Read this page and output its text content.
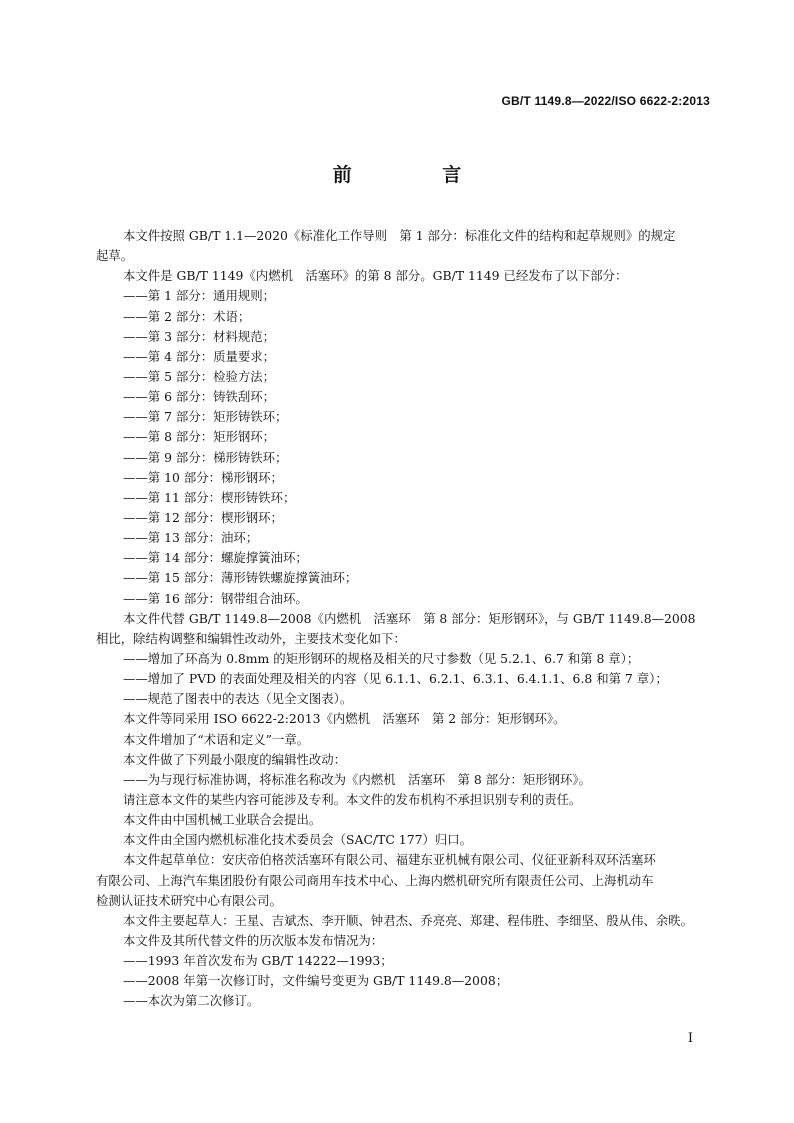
GB/T 1149.8—2022/ISO 6622-2:2013
前 言
本文件按照 GB/T 1.1—2020《标准化工作导则　第 1 部分：标准化文件的结构和起草规则》的规定
起草。
本文件是 GB/T 1149《内燃机　活塞环》的第 8 部分。GB/T 1149 已经发布了以下部分：
——第 1 部分：通用规则；
——第 2 部分：术语；
——第 3 部分：材料规范；
——第 4 部分：质量要求；
——第 5 部分：检验方法；
——第 6 部分：铸铁刮环；
——第 7 部分：矩形铸铁环；
——第 8 部分：矩形钢环；
——第 9 部分：梯形铸铁环；
——第 10 部分：梯形钢环；
——第 11 部分：楔形铸铁环；
——第 12 部分：楔形钢环；
——第 13 部分：油环；
——第 14 部分：螺旋撑簧油环；
——第 15 部分：薄形铸铁螺旋撑簧油环；
——第 16 部分：钢带组合油环。
本文件代替 GB/T 1149.8—2008《内燃机　活塞环　第 8 部分：矩形钢环》，与 GB/T 1149.8—2008
相比，除结构调整和编辑性改动外，主要技术变化如下：
——增加了环高为 0.8mm 的矩形钢环的规格及相关的尺寸参数（见 5.2.1、6.7 和第 8 章）；
——增加了 PVD 的表面处理及相关的内容（见 6.1.1、6.2.1、6.3.1、6.4.1.1、6.8 和第 7 章）；
——规范了图表中的表达（见全文图表）。
本文件等同采用 ISO 6622-2:2013《内燃机　活塞环　第 2 部分：矩形钢环》。
本文件增加了“术语和定义”一章。
本文件做了下列最小限度的编辑性改动：
——为与现行标准协调，将标准名称改为《内燃机　活塞环　第 8 部分：矩形钢环》。
请注意本文件的某些内容可能涉及专利。本文件的发布机构不承担识别专利的责任。
本文件由中国机械工业联合会提出。
本文件由全国内燃机标准化技术委员会（SAC/TC 177）归口。
本文件起草单位：安庆帝伯格茨活塞环有限公司、福建东亚机械有限公司、仪征亚新科双环活塞环
有限公司、上海汽车集团股份有限公司商用车技术中心、上海内燃机研究所有限责任公司、上海机动车
检测认证技术研究中心有限公司。
本文件主要起草人：王星、吉斌杰、李开顺、钟君杰、乔亮亮、郑建、程伟胜、李细坚、殷从伟、余昳。
本文件及其所代替文件的历次版本发布情况为：
——1993 年首次发布为 GB/T 14222—1993；
——2008 年第一次修订时，文件编号变更为 GB/T 1149.8—2008；
——本次为第二次修订。
I
